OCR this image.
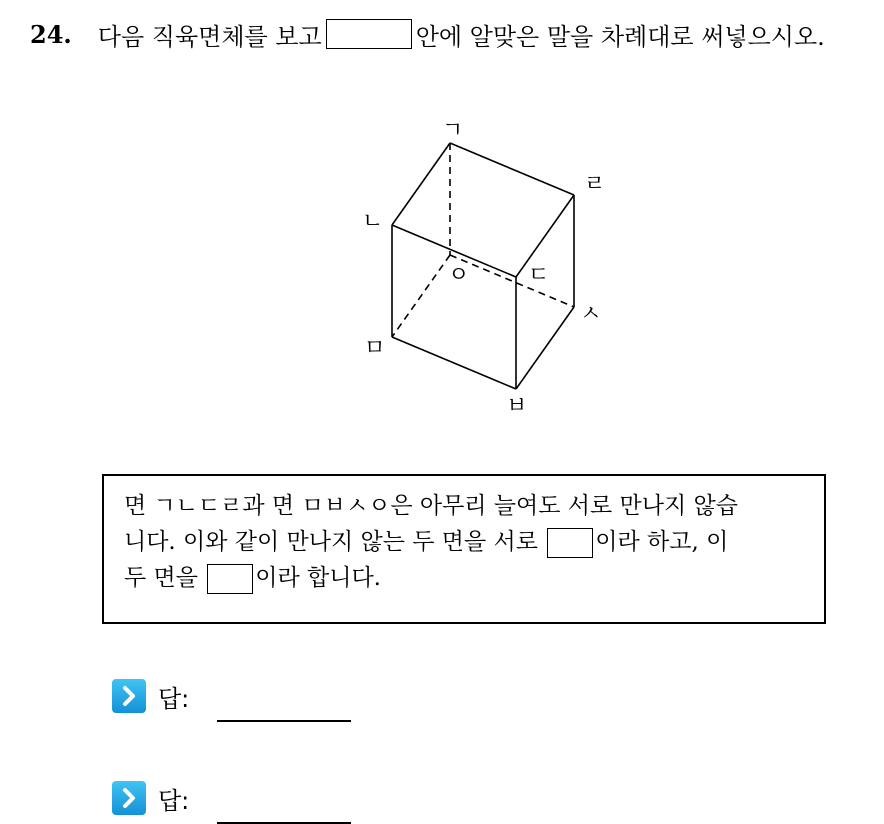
24. 다음 직육면체를 보고	안에 알맞은 말을 차례대로 써넣으시오.
ㄱ
ㄴ
ㄷ
ㄹ
ㅁ
ㅂ
ㅅ
ㅇ
면 ㄱㄴㄷㄹ과 면 ㅁㅂㅅㅇ은 아무리 늘여도 서로 만나지 않습
니다. 이와 같이 만나지 않는 두 면을 서로 이라 하고, 이
두 면을 이라 합니다.
답:
답:
